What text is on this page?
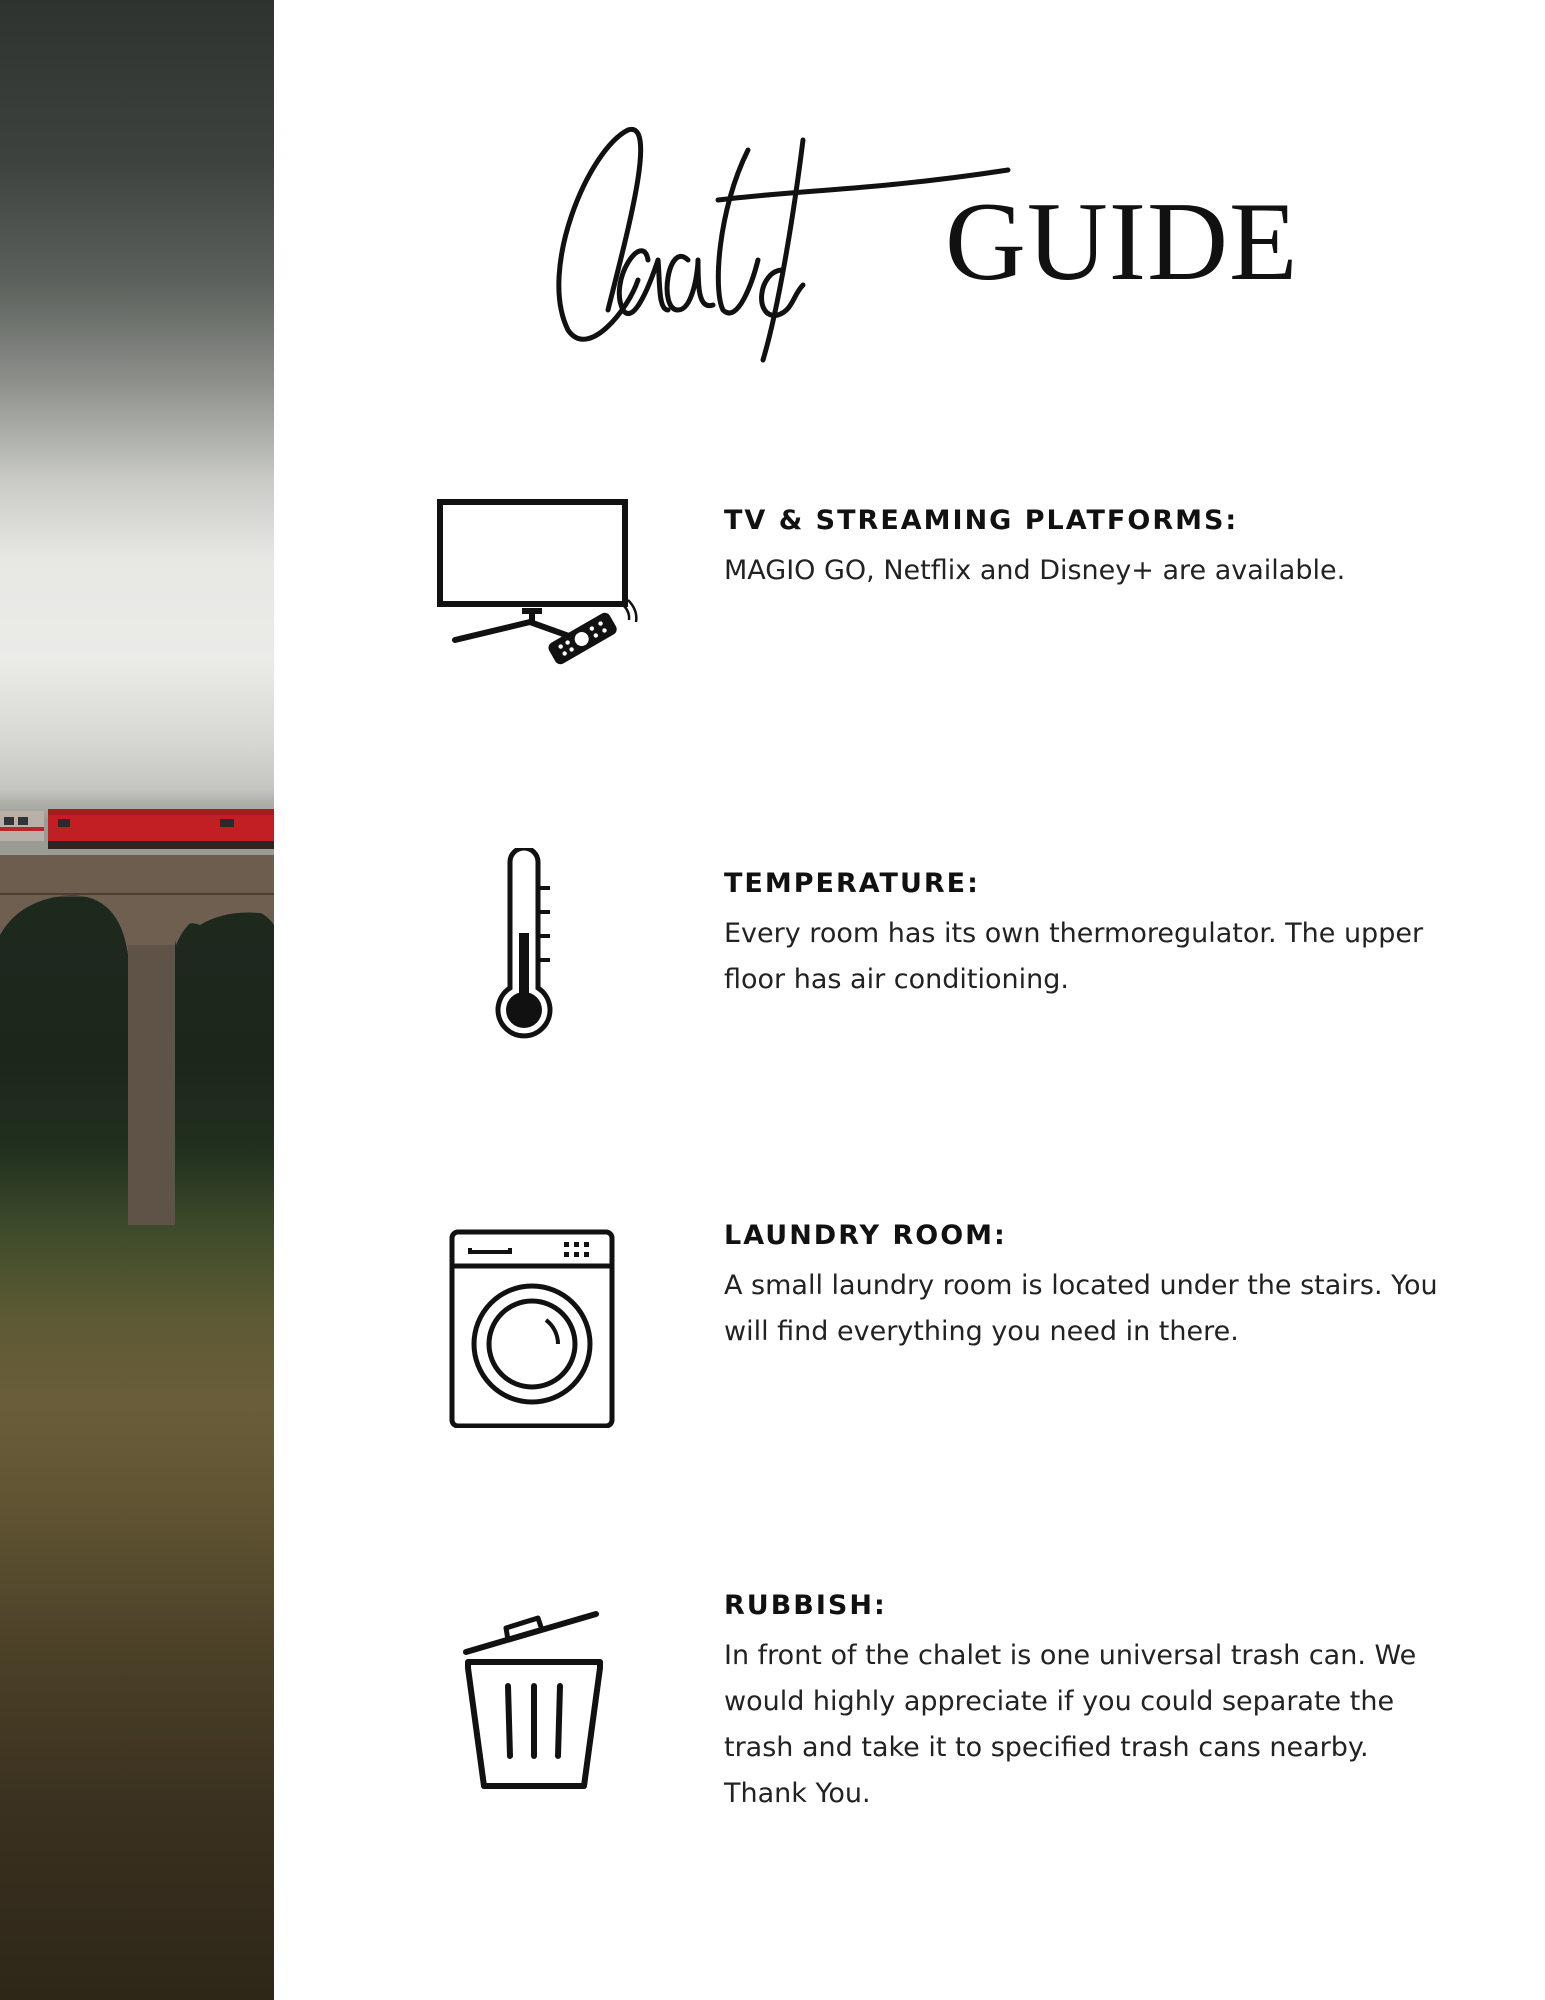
GUIDE
TV & STREAMING PLATFORMS:
MAGIO GO, Netflix and Disney+ are available.
TEMPERATURE:
Every room has its own thermoregulator. The upper floor has air conditioning.
LAUNDRY ROOM:
A small laundry room is located under the stairs. You will find everything you need in there.
RUBBISH:
In front of the chalet is one universal trash can. We would highly appreciate if you could separate the trash and take it to specified trash cans nearby. Thank You.
